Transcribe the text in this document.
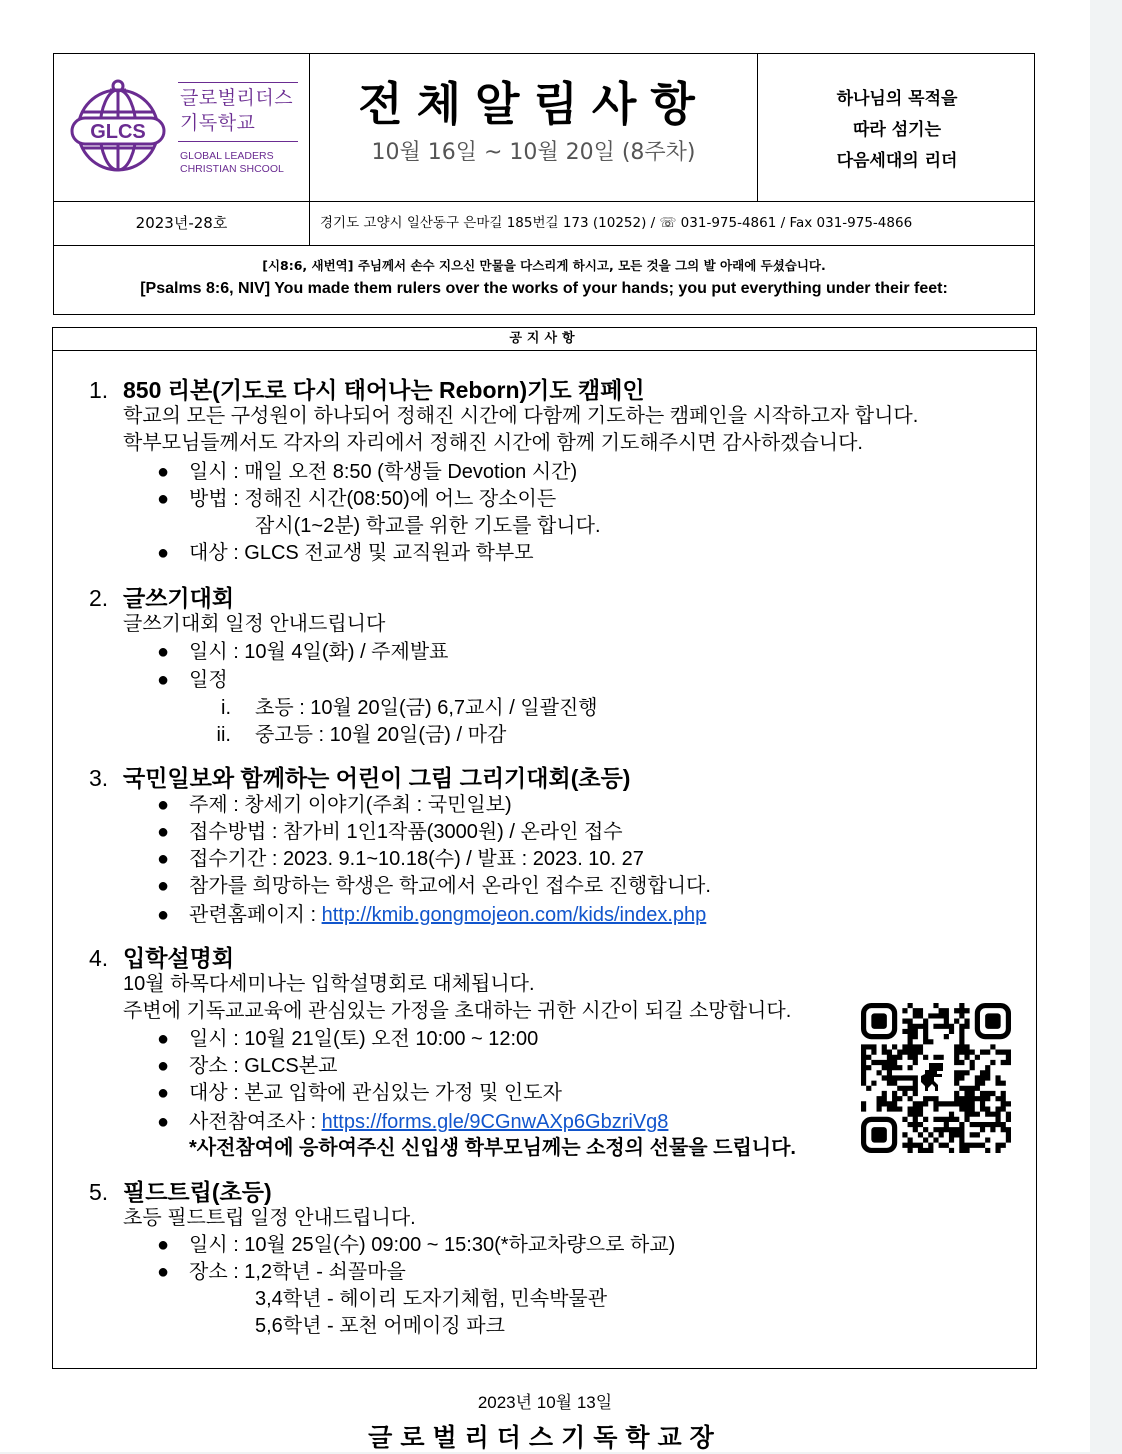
GLCS
글로벌리더스
기독학교
GLOBAL LEADERS
CHRISTIAN SHCOOL
전체알림사항
10월 16일 ~ 10월 20일 (8주차)
하나님의 목적을
따라 섬기는
다음세대의 리더
2023년-28호	경기도 고양시 일산동구 은마길 185번길 173 (10252) / ☏ 031-975-4861 / Fax 031-975-4866
[시8:6, 새번역] 주님께서 손수 지으신 만물을 다스리게 하시고, 모든 것을 그의 발 아래에 두셨습니다.
[Psalms 8:6, NIV] You made them rulers over the works of your hands; you put everything under their feet:
공지사항
1. 850 리본(기도로 다시 태어나는 Reborn)기도 캠페인
학교의 모든 구성원이 하나되어 정해진 시간에 다함께 기도하는 캠페인을 시작하고자 합니다.
학부모님들께서도 각자의 자리에서 정해진 시간에 함께 기도해주시면 감사하겠습니다.
● 일시 : 매일 오전 8:50 (학생들 Devotion 시간)
● 방법 : 정해진 시간(08:50)에 어느 장소이든
잠시(1~2분) 학교를 위한 기도를 합니다.
● 대상 : GLCS 전교생 및 교직원과 학부모
2. 글쓰기대회
글쓰기대회 일정 안내드립니다
● 일시 : 10월 4일(화) / 주제발표
● 일정
i. 초등 : 10월 20일(금) 6,7교시 / 일괄진행
ii. 중고등 : 10월 20일(금) / 마감
3. 국민일보와 함께하는 어린이 그림 그리기대회(초등)
● 주제 : 창세기 이야기(주최 : 국민일보)
● 접수방법 : 참가비 1인1작품(3000원) / 온라인 접수
● 접수기간 : 2023. 9.1~10.18(수) / 발표 : 2023. 10. 27
● 참가를 희망하는 학생은 학교에서 온라인 접수로 진행합니다.
● 관련홈페이지 : http://kmib.gongmojeon.com/kids/index.php
4. 입학설명회
10월 하목다세미나는 입학설명회로 대체됩니다.
주변에 기독교교육에 관심있는 가정을 초대하는 귀한 시간이 되길 소망합니다.
● 일시 : 10월 21일(토) 오전 10:00 ~ 12:00
● 장소 : GLCS본교
● 대상 : 본교 입학에 관심있는 가정 및 인도자
● 사전참여조사 : https://forms.gle/9CGnwAXp6GbzriVg8
*사전참여에 응하여주신 신입생 학부모님께는 소정의 선물을 드립니다.
5. 필드트립(초등)
초등 필드트립 일정 안내드립니다.
● 일시 : 10월 25일(수) 09:00 ~ 15:30(*하교차량으로 하교)
● 장소 : 1,2학년 - 쇠꼴마을
3,4학년 - 헤이리 도자기체험, 민속박물관
5,6학년 - 포천 어메이징 파크
2023년 10월 13일
글로벌리더스기독학교장
